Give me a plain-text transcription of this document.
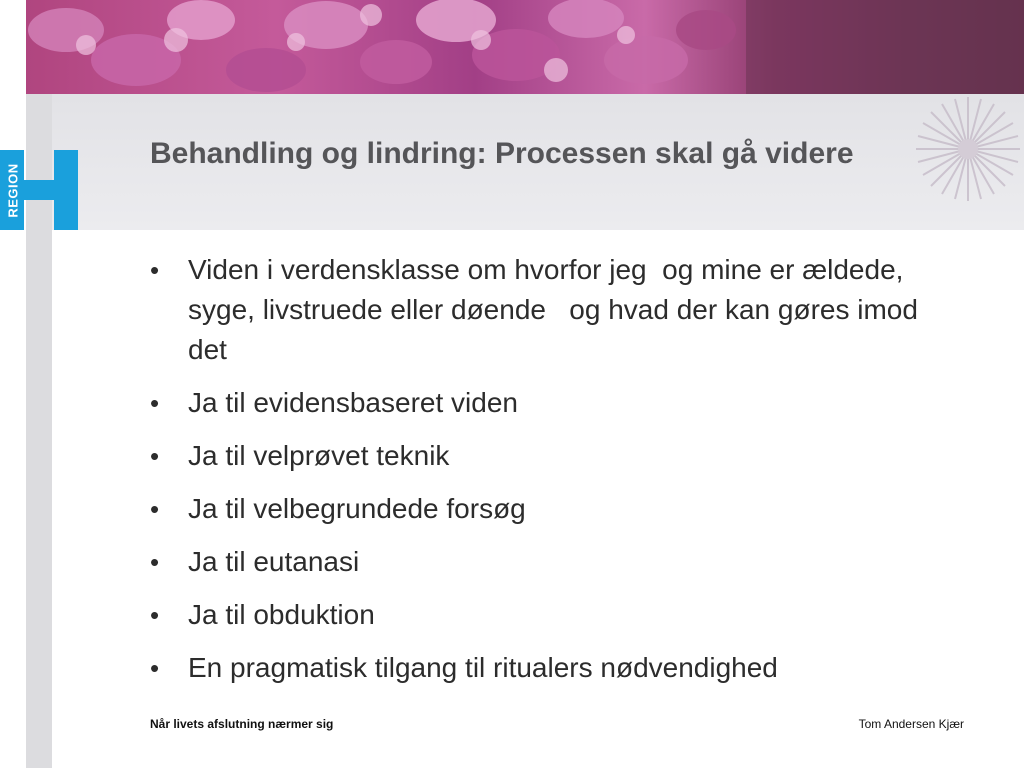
REGION
Behandling og lindring: Processen skal gå videre
• Viden i verdensklasse om hvorfor jeg  og mine er ældede, syge, livstruede eller døende   og hvad der kan gøres imod det
• Ja til evidensbaseret viden
• Ja til velprøvet teknik
• Ja til velbegrundede forsøg
• Ja til eutanasi
• Ja til obduktion
• En pragmatisk tilgang til ritualers nødvendighed
Når livets afslutning nærmer sig	Tom Andersen Kjær
